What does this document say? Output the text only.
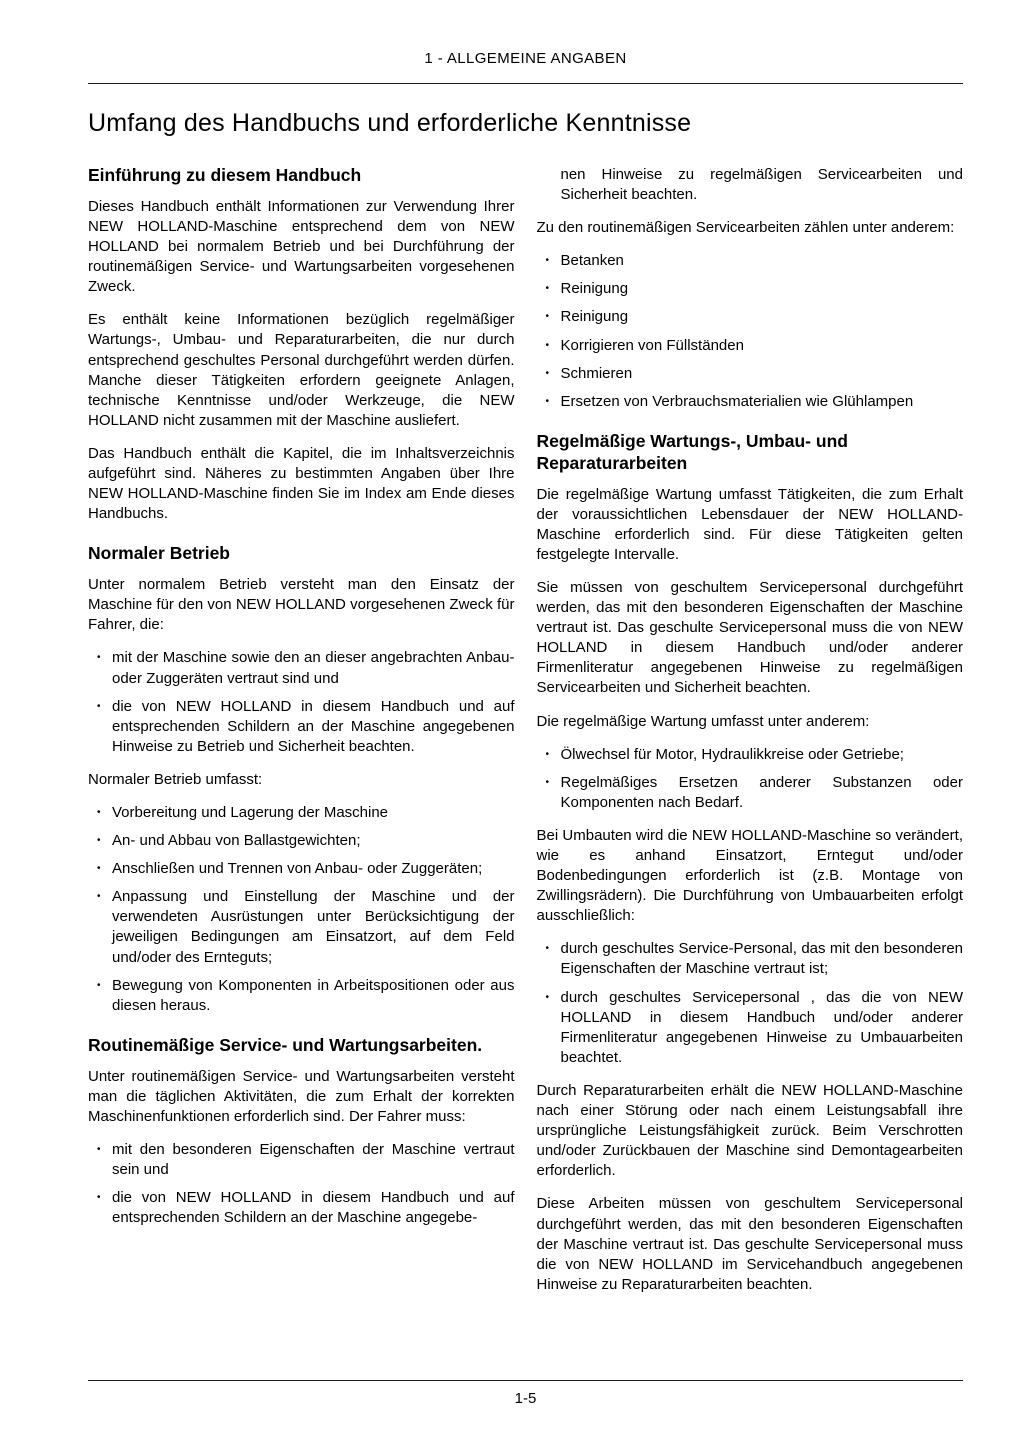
1 - ALLGEMEINE ANGABEN
Umfang des Handbuchs und erforderliche Kenntnisse
Einführung zu diesem Handbuch

Dieses Handbuch enthält Informationen zur Verwendung Ihrer NEW HOLLAND-Maschine entsprechend dem von NEW HOLLAND bei normalem Betrieb und bei Durchführung der routinemäßigen Service- und Wartungsarbeiten vorgesehenen Zweck.

Es enthält keine Informationen bezüglich regelmäßiger Wartungs-, Umbau- und Reparaturarbeiten, die nur durch entsprechend geschultes Personal durchgeführt werden dürfen. Manche dieser Tätigkeiten erfordern geeignete Anlagen, technische Kenntnisse und/oder Werkzeuge, die NEW HOLLAND nicht zusammen mit der Maschine ausliefert.

Das Handbuch enthält die Kapitel, die im Inhaltsverzeichnis aufgeführt sind. Näheres zu bestimmten Angaben über Ihre NEW HOLLAND-Maschine finden Sie im Index am Ende dieses Handbuchs.

Normaler Betrieb

Unter normalem Betrieb versteht man den Einsatz der Maschine für den von NEW HOLLAND vorgesehenen Zweck für Fahrer, die:

• mit der Maschine sowie den an dieser angebrachten Anbau- oder Zuggeräten vertraut sind und
• die von NEW HOLLAND in diesem Handbuch und auf entsprechenden Schildern an der Maschine angegebenen Hinweise zu Betrieb und Sicherheit beachten.

Normaler Betrieb umfasst:

• Vorbereitung und Lagerung der Maschine
• An- und Abbau von Ballastgewichten;
• Anschließen und Trennen von Anbau- oder Zuggeräten;
• Anpassung und Einstellung der Maschine und der verwendeten Ausrüstungen unter Berücksichtigung der jeweiligen Bedingungen am Einsatzort, auf dem Feld und/oder des Ernteguts;
• Bewegung von Komponenten in Arbeitspositionen oder aus diesen heraus.
Routinemäßige Service- und Wartungsarbeiten.

Unter routinemäßigen Service- und Wartungsarbeiten versteht man die täglichen Aktivitäten, die zum Erhalt der korrekten Maschinenfunktionen erforderlich sind. Der Fahrer muss:

• mit den besonderen Eigenschaften der Maschine vertraut sein und
• die von NEW HOLLAND in diesem Handbuch und auf entsprechenden Schildern an der Maschine angegebe-

nen Hinweise zu regelmäßigen Servicearbeiten und Sicherheit beachten.

Zu den routinemäßigen Servicearbeiten zählen unter anderem:

• Betanken
• Reinigung
• Reinigung
• Korrigieren von Füllständen
• Schmieren
• Ersetzen von Verbrauchsmaterialien wie Glühlampen
Regelmäßige Wartungs-, Umbau- und Reparaturarbeiten

Die regelmäßige Wartung umfasst Tätigkeiten, die zum Erhalt der voraussichtlichen Lebensdauer der NEW HOLLAND-Maschine erforderlich sind. Für diese Tätigkeiten gelten festgelegte Intervalle.

Sie müssen von geschultem Servicepersonal durchgeführt werden, das mit den besonderen Eigenschaften der Maschine vertraut ist. Das geschulte Servicepersonal muss die von NEW HOLLAND in diesem Handbuch und/oder anderer Firmenliteratur angegebenen Hinweise zu regelmäßigen Servicearbeiten und Sicherheit beachten.

Die regelmäßige Wartung umfasst unter anderem:

• Ölwechsel für Motor, Hydraulikkreise oder Getriebe;
• Regelmäßiges Ersetzen anderer Substanzen oder Komponenten nach Bedarf.

Bei Umbauten wird die NEW HOLLAND-Maschine so verändert, wie es anhand Einsatzort, Erntegut und/oder Bodenbedingungen erforderlich ist (z.B. Montage von Zwillingsrädern). Die Durchführung von Umbauarbeiten erfolgt ausschließlich:

• durch geschultes Service-Personal, das mit den besonderen Eigenschaften der Maschine vertraut ist;
• durch geschultes Servicepersonal , das die von NEW HOLLAND in diesem Handbuch und/oder anderer Firmenliteratur angegebenen Hinweise zu Umbauarbeiten beachtet.

Durch Reparaturarbeiten erhält die NEW HOLLAND-Maschine nach einer Störung oder nach einem Leistungsabfall ihre ursprüngliche Leistungsfähigkeit zurück. Beim Verschrotten und/oder Zurückbauen der Maschine sind Demontagearbeiten erforderlich.

Diese Arbeiten müssen von geschultem Servicepersonal durchgeführt werden, das mit den besonderen Eigenschaften der Maschine vertraut ist. Das geschulte Servicepersonal muss die von NEW HOLLAND im Servicehandbuch angegebenen Hinweise zu Reparaturarbeiten beachten.

1-5
